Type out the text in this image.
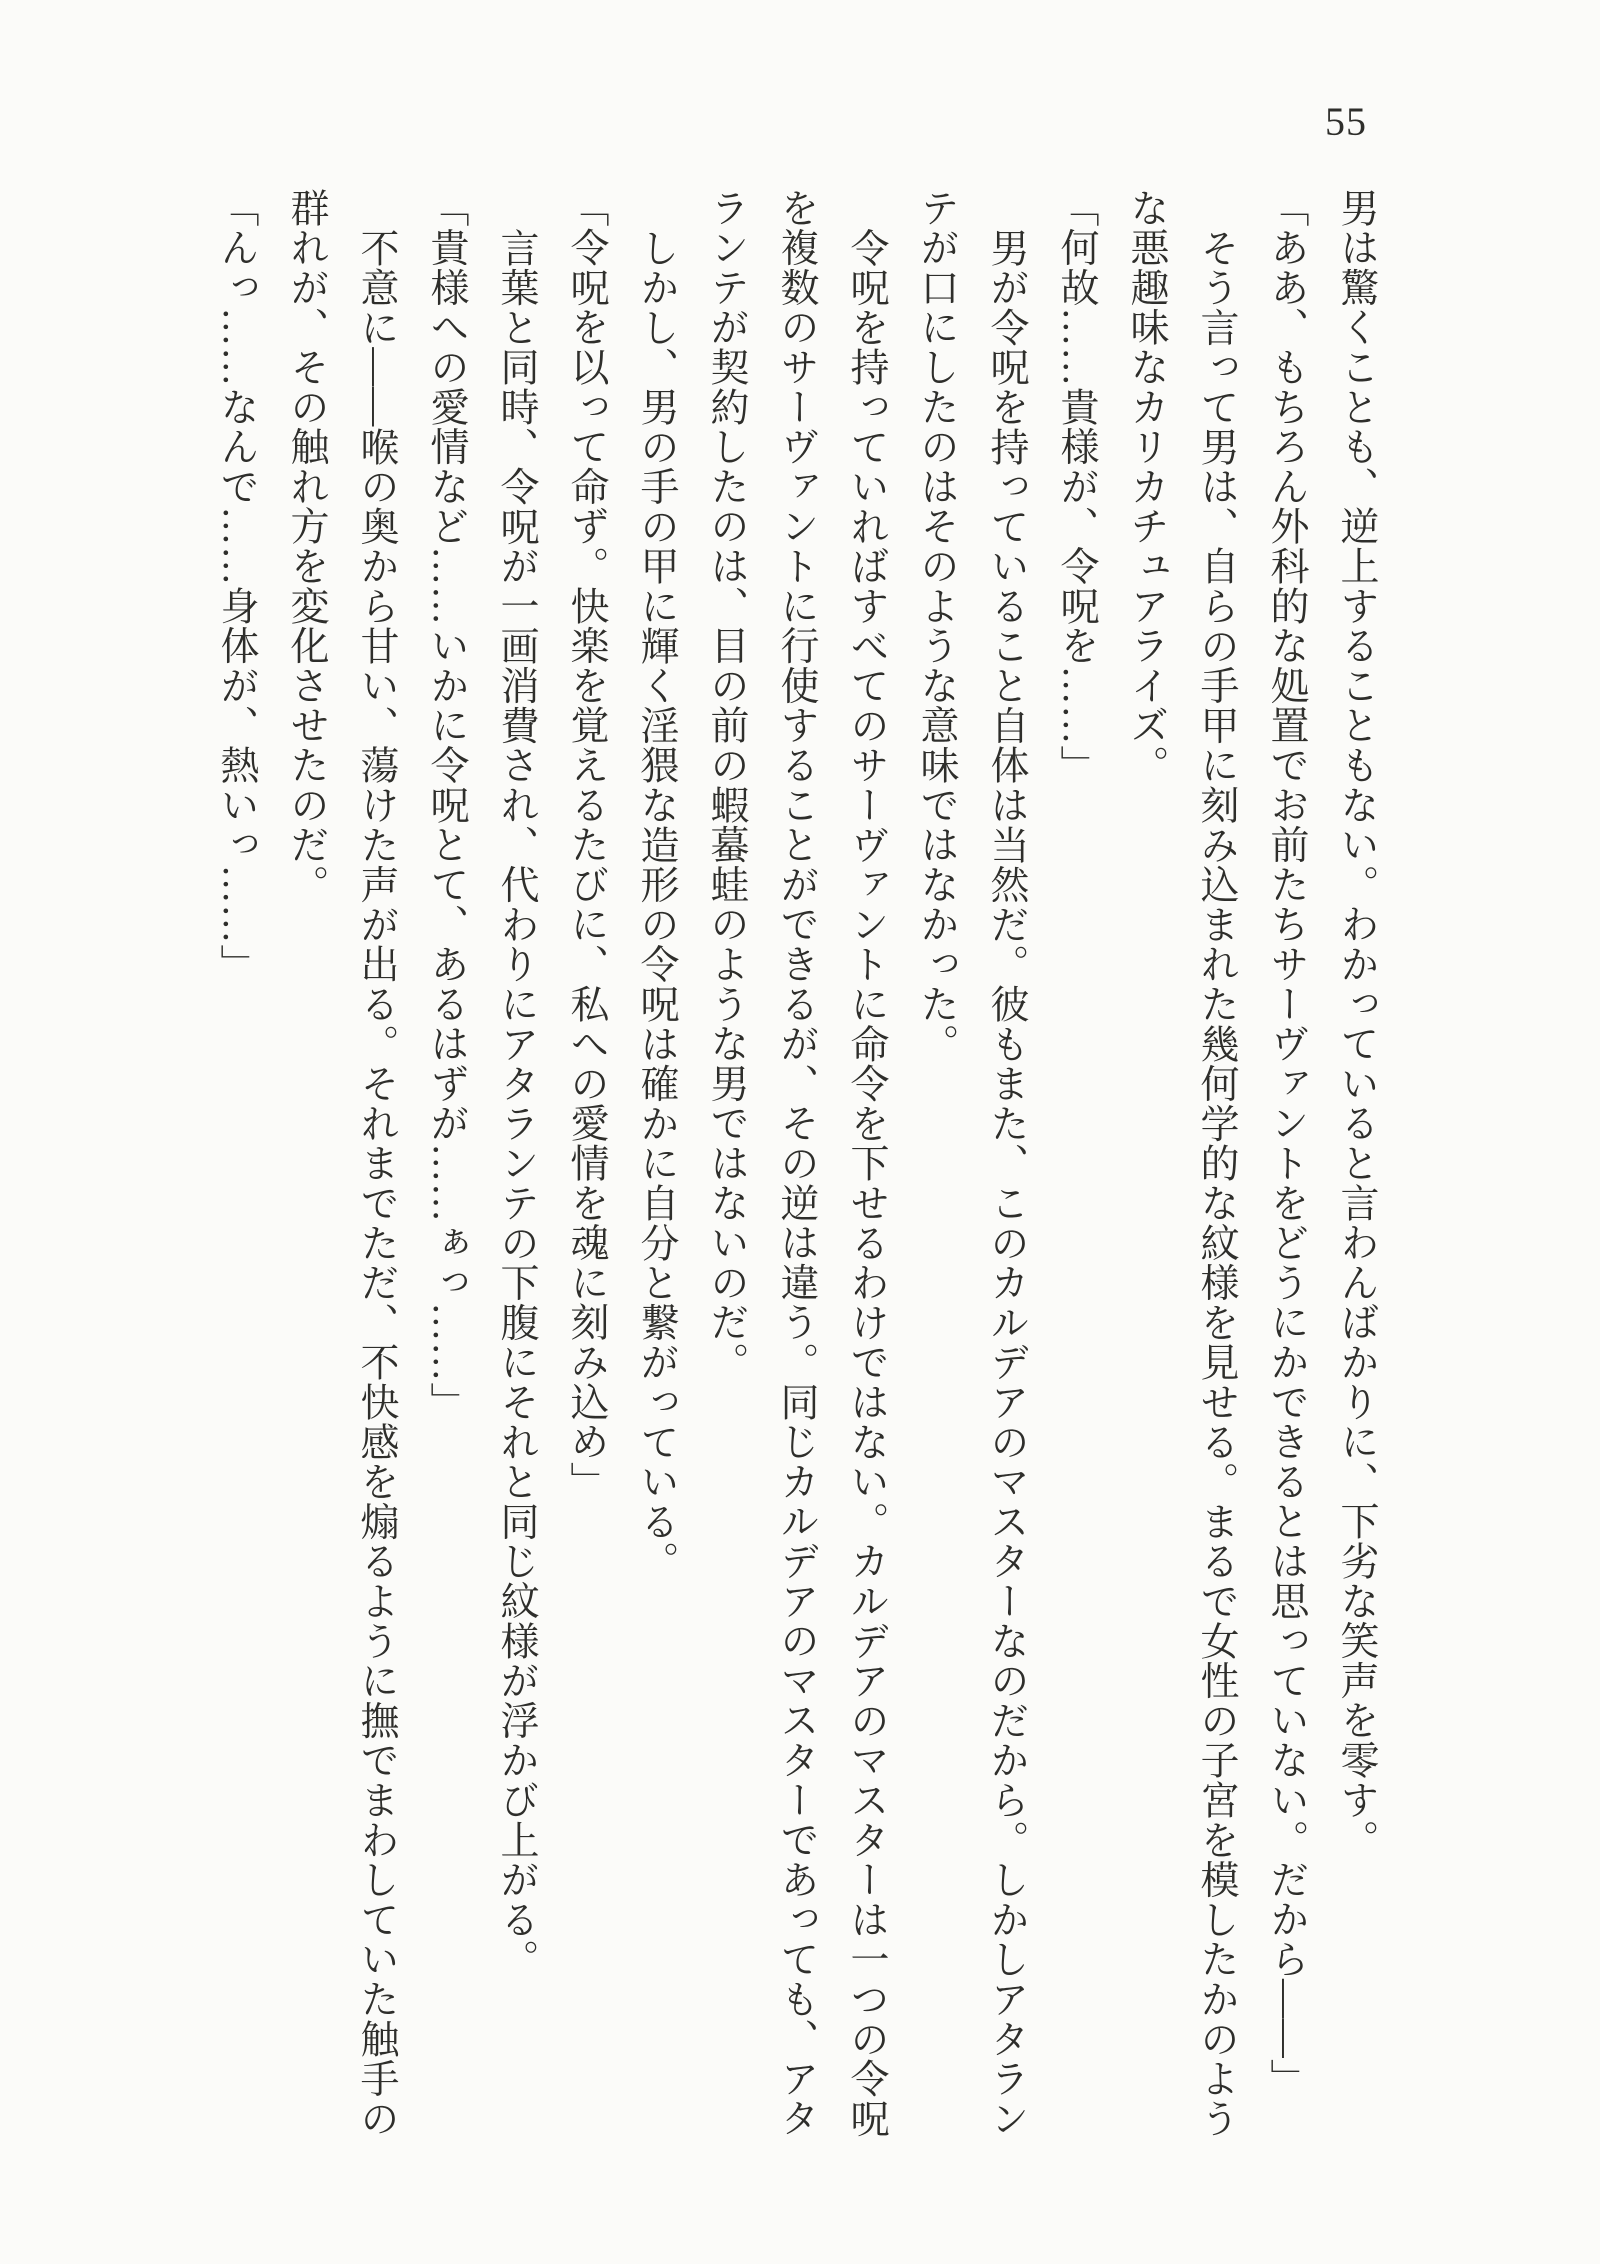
55
男は驚くことも、逆上することもない。わかっていると言わんばかりに、下劣な笑声を零す。
「ああ、もちろん外科的な処置でお前たちサーヴァントをどうにかできるとは思っていない。だから——」
そう言って男は、自らの手甲に刻み込まれた幾何学的な紋様を見せる。まるで女性の子宮を模したかのよう
な悪趣味なカリカチュアライズ。
「何故……貴様が、令呪を……」
男が令呪を持っていること自体は当然だ。彼もまた、このカルデアのマスターなのだから。しかしアタラン
テが口にしたのはそのような意味ではなかった。
令呪を持っていればすべてのサーヴァントに命令を下せるわけではない。カルデアのマスターは一つの令呪
を複数のサーヴァントに行使することができるが、その逆は違う。同じカルデアのマスターであっても、アタ
ランテが契約したのは、目の前の蝦蟇蛙のような男ではないのだ。
しかし、男の手の甲に輝く淫猥な造形の令呪は確かに自分と繋がっている。
「令呪を以って命ず。快楽を覚えるたびに、私への愛情を魂に刻み込め」
言葉と同時、令呪が一画消費され、代わりにアタランテの下腹にそれと同じ紋様が浮かび上がる。
「貴様への愛情など……いかに令呪とて、あるはずが……ぁっ……」
不意に——喉の奥から甘い、蕩けた声が出る。それまでただ、不快感を煽るように撫でまわしていた触手の
群れが、その触れ方を変化させたのだ。
「んっ……なんで……身体が、熱いっ……」
